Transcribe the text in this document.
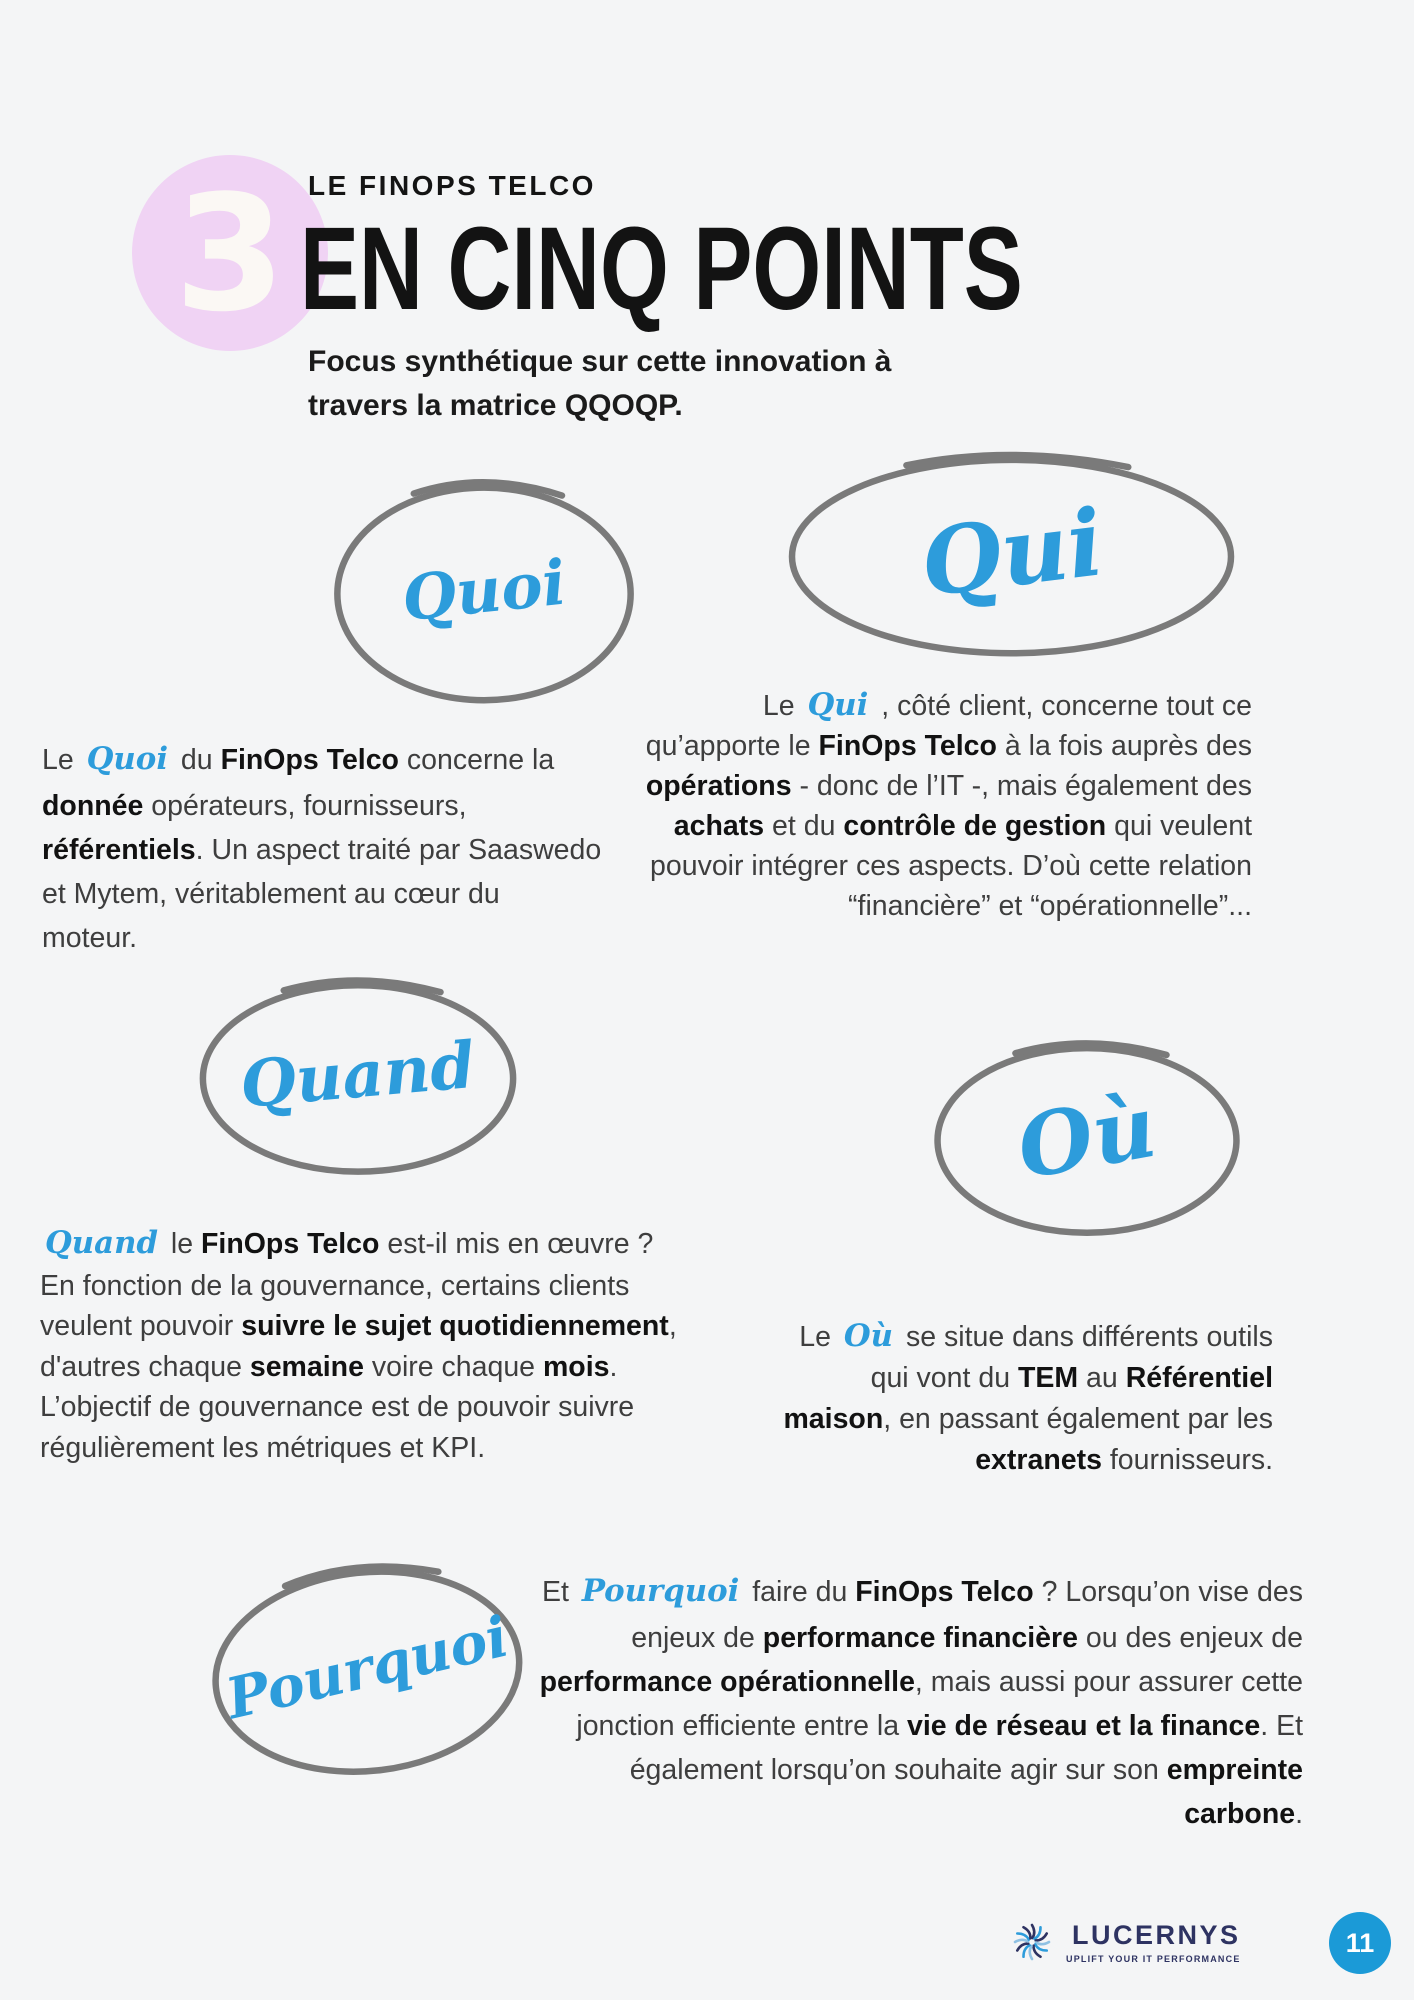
3 LE FINOPS TELCO
EN CINQ POINTS
Focus synthétique sur cette innovation à travers la matrice QQOQP.
Quoi

Le Quoi du FinOps Telco concerne la donnée opérateurs, fournisseurs, référentiels. Un aspect traité par Saaswedo et Mytem, véritablement au cœur du moteur.

Qui

Le Qui , côté client, concerne tout ce qu’apporte le FinOps Telco à la fois auprès des opérations - donc de l’IT -, mais également des achats et du contrôle de gestion qui veulent pouvoir intégrer ces aspects. D’où cette relation “financière” et “opérationnelle”...

Quand

Quand le FinOps Telco est-il mis en œuvre ? En fonction de la gouvernance, certains clients veulent pouvoir suivre le sujet quotidiennement, d'autres chaque semaine voire chaque mois. L’objectif de gouvernance est de pouvoir suivre régulièrement les métriques et KPI.

Où

Le Où se situe dans différents outils qui vont du TEM au Référentiel maison, en passant également par les extranets fournisseurs.

Pourquoi

Et Pourquoi faire du FinOps Telco ? Lorsqu’on vise des enjeux de performance financière ou des enjeux de performance opérationnelle, mais aussi pour assurer cette jonction efficiente entre la vie de réseau et la finance. Et également lorsqu’on souhaite agir sur son empreinte carbone.

LUCERNYS
UPLIFT YOUR IT PERFORMANCE
11
